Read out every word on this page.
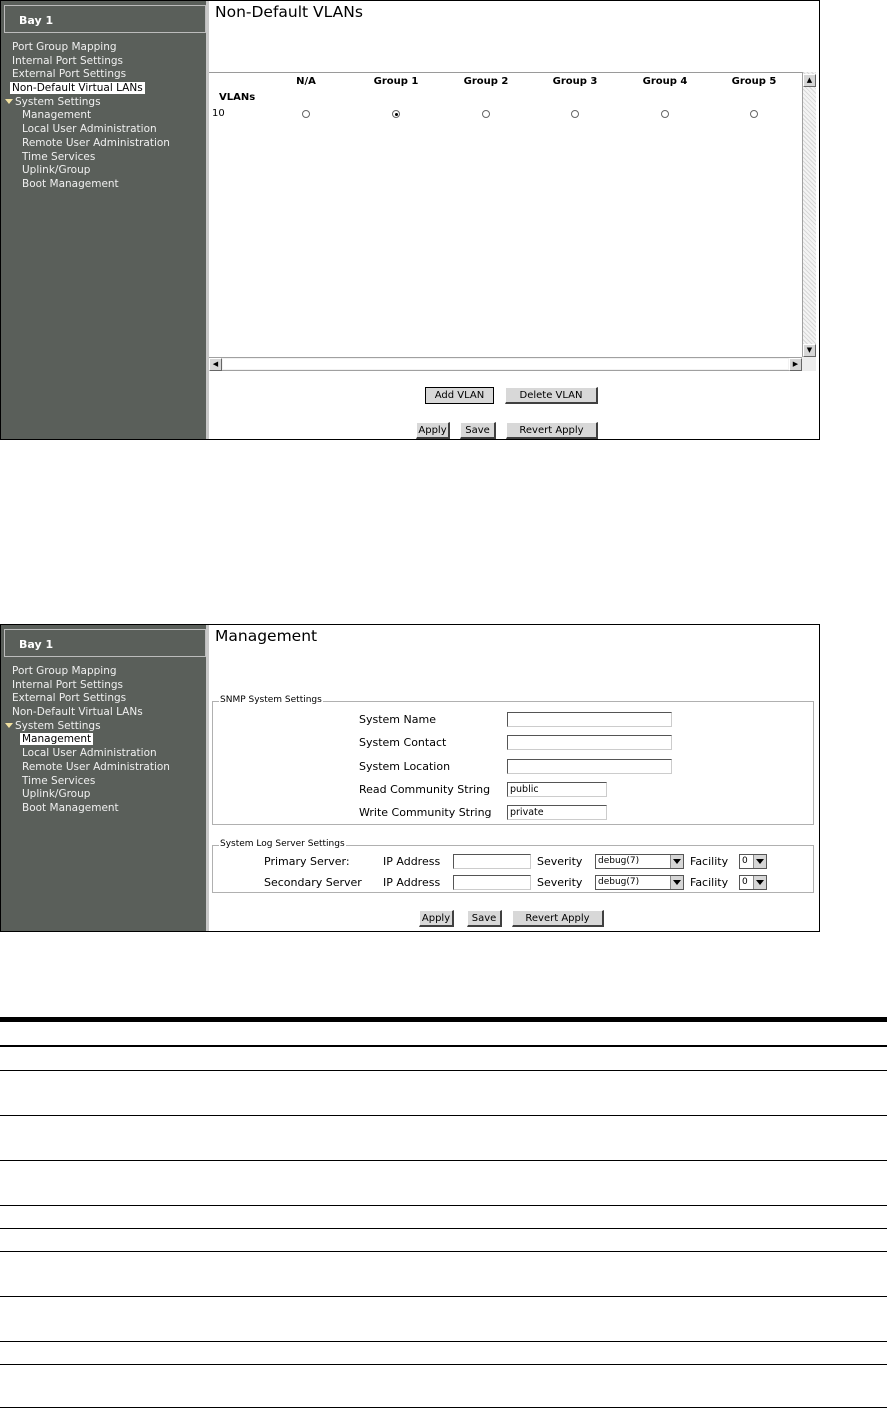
Bay 1
Port Group Mapping
Internal Port Settings
External Port Settings
Non-Default Virtual LANs
System Settings
Management
Local User Administration
Remote User Administration
Time Services
Uplink/Group
Boot Management
Non-Default VLANs
N/A	Group 1	Group 2	Group 3	Group 4	Group 5
VLANs
10
▲
▼
◀	▶
Add VLAN	Delete VLAN
Apply	Save	Revert Apply
Bay 1
Port Group Mapping
Internal Port Settings
External Port Settings
Non-Default Virtual LANs
System Settings
Management
Local User Administration
Remote User Administration
Time Services
Uplink/Group
Boot Management
Management
SNMP System Settings
System Name
System Contact
System Location
Read Community String	public
Write Community String	private
System Log Server Settings
Primary Server:	IP Address	Severity	debug(7)	Facility	0
Secondary Server IP Address	Severity	debug(7)	Facility	0
Apply	Save	Revert Apply
